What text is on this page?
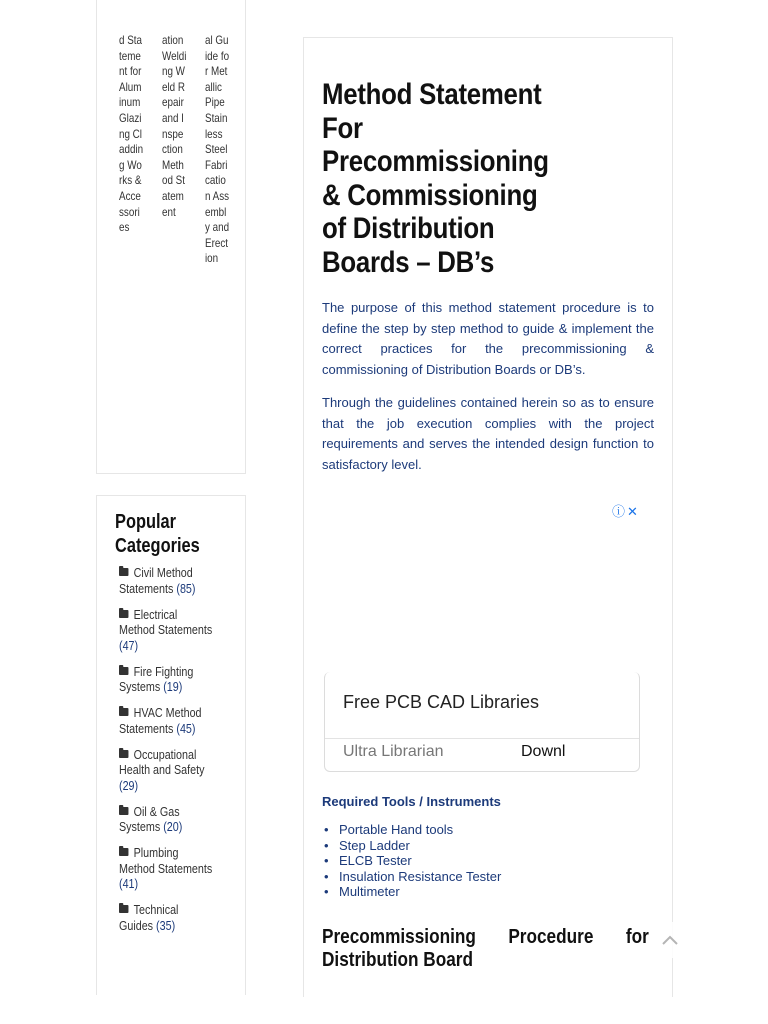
d Statement for Aluminum Glazing Cladding Works & Accessories
ation Welding Weld Repair and Inspection Method Statement
al Guide for Metallic Pipe Stainless Steel Fabrication Assembly and Erection
Popular Categories
Civil Method Statements (85)
Electrical Method Statements (47)
Fire Fighting Systems (19)
HVAC Method Statements (45)
Occupational Health and Safety (29)
Oil & Gas Systems (20)
Plumbing Method Statements (41)
Technical Guides (35)
Method Statement For Precommissioning & Commissioning of Distribution Boards – DB’s

The purpose of this method statement procedure is to define the step by step method to guide & implement the correct practices for the precommissioning & commissioning of Distribution Boards or DB’s.

Through the guidelines contained herein so as to ensure that the job execution complies with the project requirements and serves the intended design function to satisfactory level.

ⓘ ✕
Free PCB CAD Libraries
Ultra Librarian	Downl
Required Tools / Instruments
• Portable Hand tools
• Step Ladder
• ELCB Tester
• Insulation Resistance Tester
• Multimeter
Precommissioning Procedure for
Distribution Board
